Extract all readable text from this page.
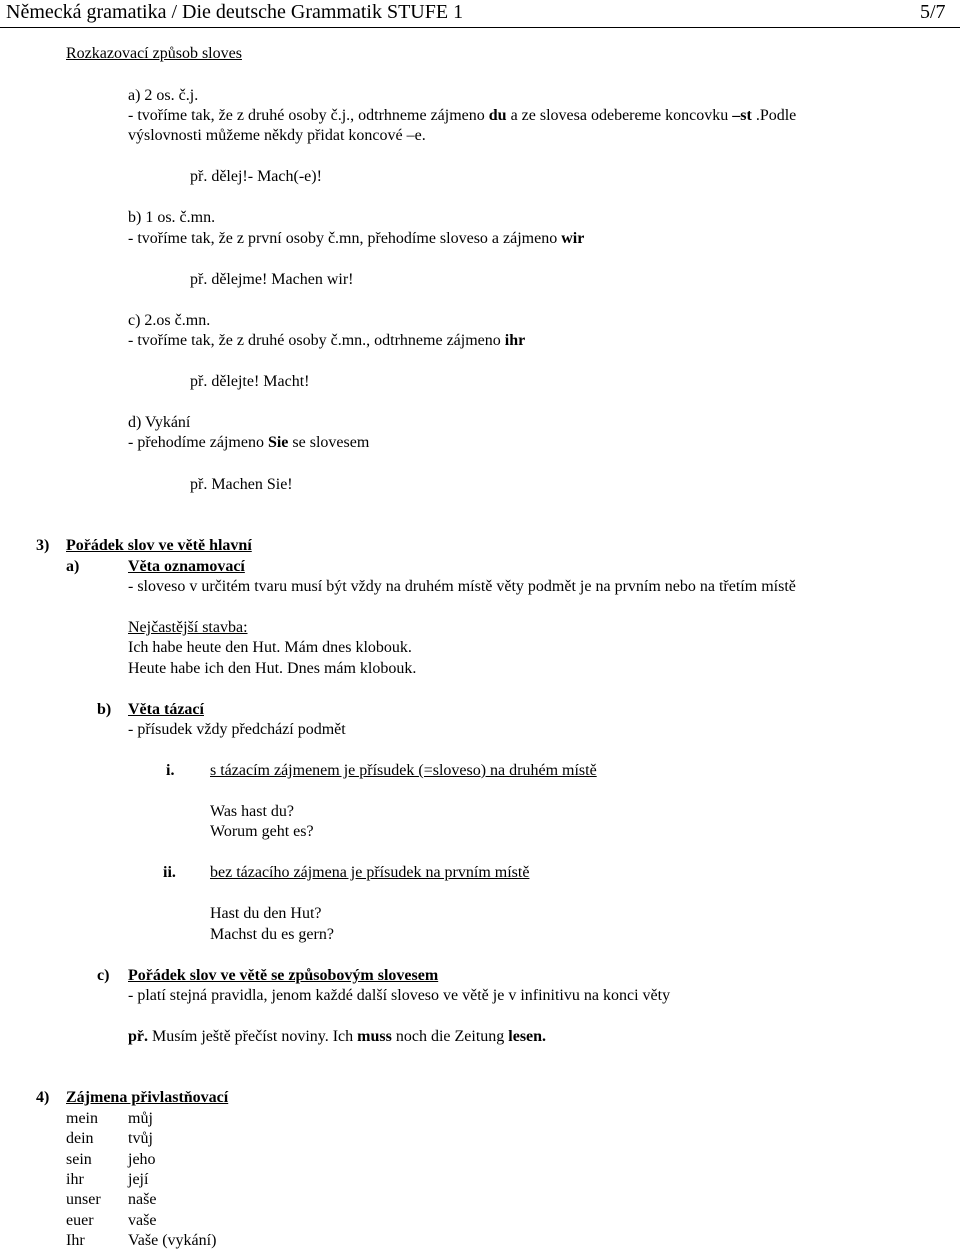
Německá gramatika / Die deutsche Grammatik STUFE 1	5/7
Rozkazovací způsob sloves
a) 2 os. č.j.
- tvoříme tak, že z druhé osoby č.j., odtrhneme zájmeno du a ze slovesa odebereme koncovku –st .Podle
výslovnosti můžeme někdy přidat koncové –e.
př. dělej!- Mach(-e)!
b) 1 os. č.mn.
- tvoříme tak, že z první osoby č.mn, přehodíme sloveso a zájmeno wir
př. dělejme! Machen wir!
c) 2.os č.mn.
- tvoříme tak, že z druhé osoby č.mn., odtrhneme zájmeno ihr
př. dělejte! Macht!
d) Vykání
- přehodíme zájmeno Sie se slovesem
př. Machen Sie!
3) Pořádek slov ve větě hlavní
a)	Věta oznamovací
- sloveso v určitém tvaru musí být vždy na druhém místě věty podmět je na prvním nebo na třetím místě
Nejčastější stavba:
Ich habe heute den Hut. Mám dnes klobouk.
Heute habe ich den Hut. Dnes mám klobouk.
b) Věta tázací
- přísudek vždy předchází podmět
i. s tázacím zájmenem je přísudek (=sloveso) na druhém místě
Was hast du?
Worum geht es?
ii. bez tázacího zájmena je přísudek na prvním místě
Hast du den Hut?
Machst du es gern?
c) Pořádek slov ve větě se způsobovým slovesem
- platí stejná pravidla, jenom každé další sloveso ve větě je v infinitivu na konci věty
př. Musím ještě přečíst noviny. Ich muss noch die Zeitung lesen.
4) Zájmena přivlastňovací
mein můj
dein tvůj
sein jeho
ihr	její
unser naše
euer vaše
Ihr	Vaše (vykání)
